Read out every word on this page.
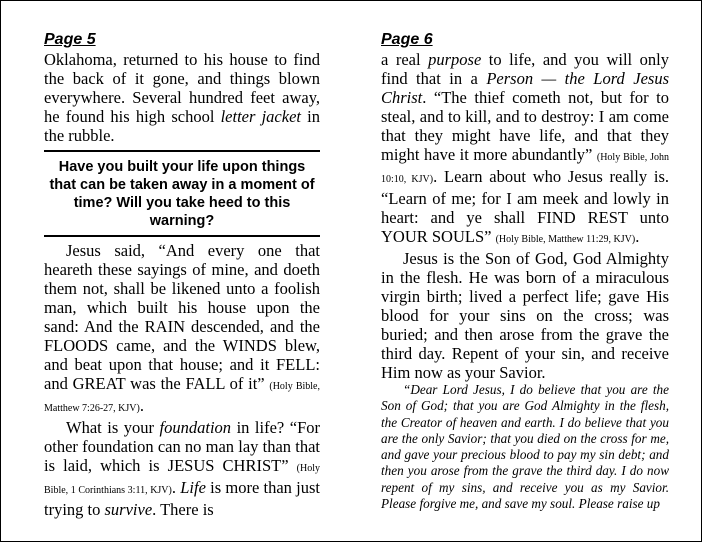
Page 5

Oklahoma, returned to his house to find the back of it gone, and things blown everywhere. Several hundred feet away, he found his high school letter jacket in the rubble.

Have you built your life upon things that can be taken away in a moment of time? Will you take heed to this warning?

Jesus said, “And every one that heareth these sayings of mine, and doeth them not, shall be likened unto a foolish man, which built his house upon the sand: And the RAIN descended, and the FLOODS came, and the WINDS blew, and beat upon that house; and it FELL: and GREAT was the FALL of it” (Holy Bible, Matthew 7:26-27, KJV).

What is your foundation in life? “For other foundation can no man lay than that is laid, which is JESUS CHRIST” (Holy Bible, 1 Corinthians 3:11, KJV). Life is more than just trying to survive. There is

Page 6

a real purpose to life, and you will only find that in a Person — the Lord Jesus Christ. “The thief cometh not, but for to steal, and to kill, and to destroy: I am come that they might have life, and that they might have it more abundantly” (Holy Bible, John 10:10, KJV). Learn about who Jesus really is. “Learn of me; for I am meek and lowly in heart: and ye shall FIND REST unto YOUR SOULS” (Holy Bible, Matthew 11:29, KJV).

Jesus is the Son of God, God Almighty in the flesh. He was born of a miraculous virgin birth; lived a perfect life; gave His blood for your sins on the cross; was buried; and then arose from the grave the third day. Repent of your sin, and receive Him now as your Savior.

“Dear Lord Jesus, I do believe that you are the Son of God; that you are God Almighty in the flesh, the Creator of heaven and earth. I do believe that you are the only Savior; that you died on the cross for me, and gave your precious blood to pay my sin debt; and then you arose from the grave the third day. I do now repent of my sins, and receive you as my Savior. Please forgive me, and save my soul. Please raise up
